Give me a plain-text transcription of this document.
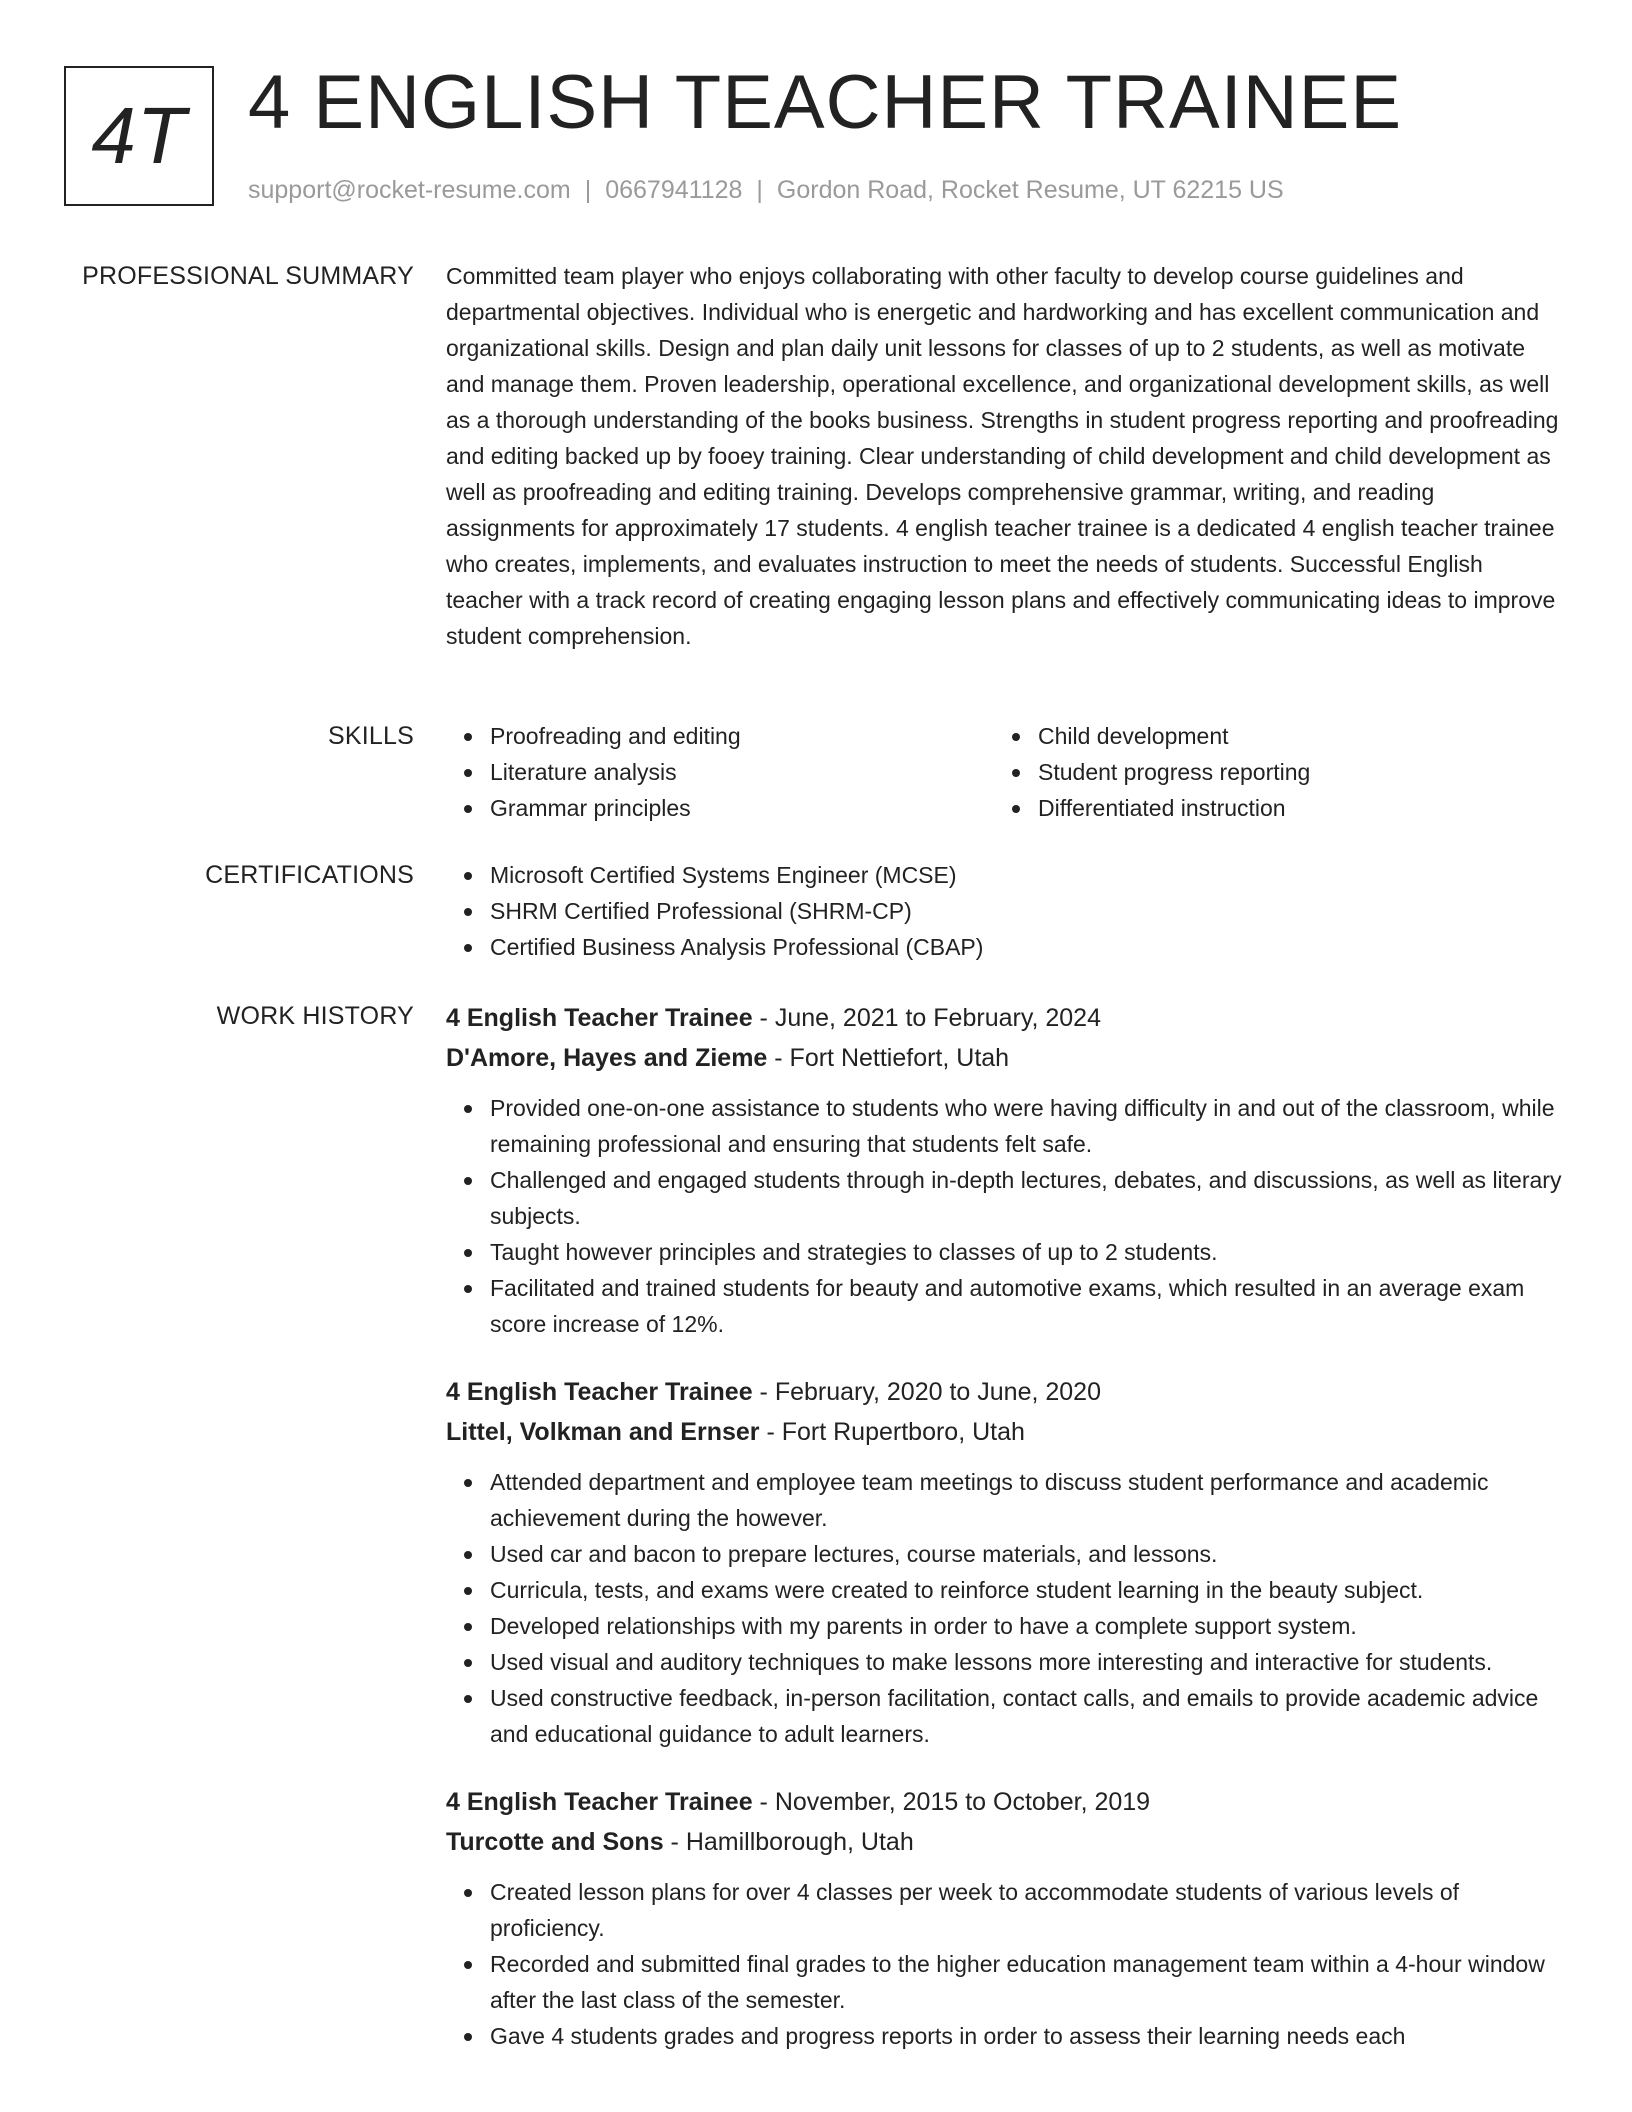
4T 4 ENGLISH TEACHER TRAINEE
support@rocket-resume.com | 0667941128 | Gordon Road, Rocket Resume, UT 62215 US
PROFESSIONAL SUMMARY Committed team player who enjoys collaborating with other faculty to develop course guidelines and departmental objectives. Individual who is energetic and hardworking and has excellent communication and organizational skills. Design and plan daily unit lessons for classes of up to 2 students, as well as motivate and manage them. Proven leadership, operational excellence, and organizational development skills, as well as a thorough understanding of the books business. Strengths in student progress reporting and proofreading and editing backed up by fooey training. Clear understanding of child development and child development as well as proofreading and editing training. Develops comprehensive grammar, writing, and reading assignments for approximately 17 students. 4 english teacher trainee is a dedicated 4 english teacher trainee who creates, implements, and evaluates instruction to meet the needs of students. Successful English teacher with a track record of creating engaging lesson plans and effectively communicating ideas to improve student comprehension.

SKILLS	Proofreading and editing
Literature analysis
Grammar principles
Child development
Student progress reporting
Differentiated instruction
CERTIFICATIONS	Microsoft Certified Systems Engineer (MCSE)
SHRM Certified Professional (SHRM-CP)
Certified Business Analysis Professional (CBAP)
WORK HISTORY 4 English Teacher Trainee - June, 2021 to February, 2024
D'Amore, Hayes and Zieme - Fort Nettiefort, Utah
Provided one-on-one assistance to students who were having difficulty in and out of the classroom, while remaining professional and ensuring that students felt safe.
Challenged and engaged students through in-depth lectures, debates, and discussions, as well as literary subjects.
Taught however principles and strategies to classes of up to 2 students.
Facilitated and trained students for beauty and automotive exams, which resulted in an average exam score increase of 12%.
4 English Teacher Trainee - February, 2020 to June, 2020
Littel, Volkman and Ernser - Fort Rupertboro, Utah
Attended department and employee team meetings to discuss student performance and academic achievement during the however.
Used car and bacon to prepare lectures, course materials, and lessons.
Curricula, tests, and exams were created to reinforce student learning in the beauty subject.
Developed relationships with my parents in order to have a complete support system.
Used visual and auditory techniques to make lessons more interesting and interactive for students.
Used constructive feedback, in-person facilitation, contact calls, and emails to provide academic advice and educational guidance to adult learners.
4 English Teacher Trainee - November, 2015 to October, 2019
Turcotte and Sons - Hamillborough, Utah
Created lesson plans for over 4 classes per week to accommodate students of various levels of proficiency.
Recorded and submitted final grades to the higher education management team within a 4-hour window after the last class of the semester.
Gave 4 students grades and progress reports in order to assess their learning needs each
